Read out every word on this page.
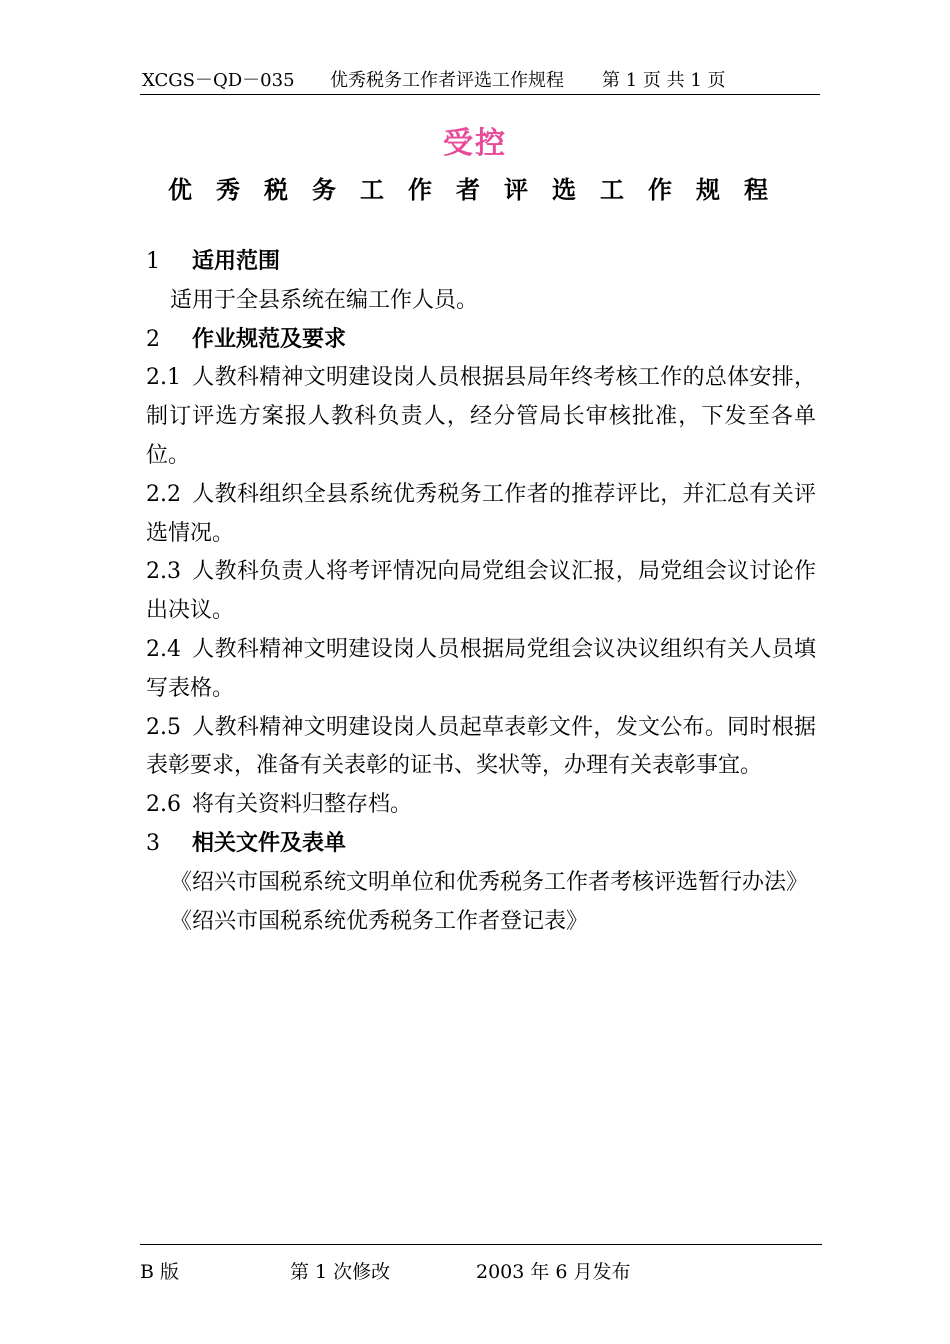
XCGS－QD－035 优秀税务工作者评选工作规程 第 1 页 共 1 页
受控
优秀税务工作者评选工作规程
1 适用范围
适用于全县系统在编工作人员。
2 作业规范及要求
2.1 人教科精神文明建设岗人员根据县局年终考核工作的总体安排，制订评选方案报人教科负责人，经分管局长审核批准，下发至各单位。
2.2 人教科组织全县系统优秀税务工作者的推荐评比，并汇总有关评选情况。
2.3 人教科负责人将考评情况向局党组会议汇报，局党组会议讨论作出决议。
2.4 人教科精神文明建设岗人员根据局党组会议决议组织有关人员填写表格。
2.5 人教科精神文明建设岗人员起草表彰文件，发文公布。同时根据表彰要求，准备有关表彰的证书、奖状等，办理有关表彰事宜。
2.6 将有关资料归整存档。
3 相关文件及表单
《绍兴市国税系统文明单位和优秀税务工作者考核评选暂行办法》
《绍兴市国税系统优秀税务工作者登记表》
B 版	第 1 次修改	2003 年 6 月发布
